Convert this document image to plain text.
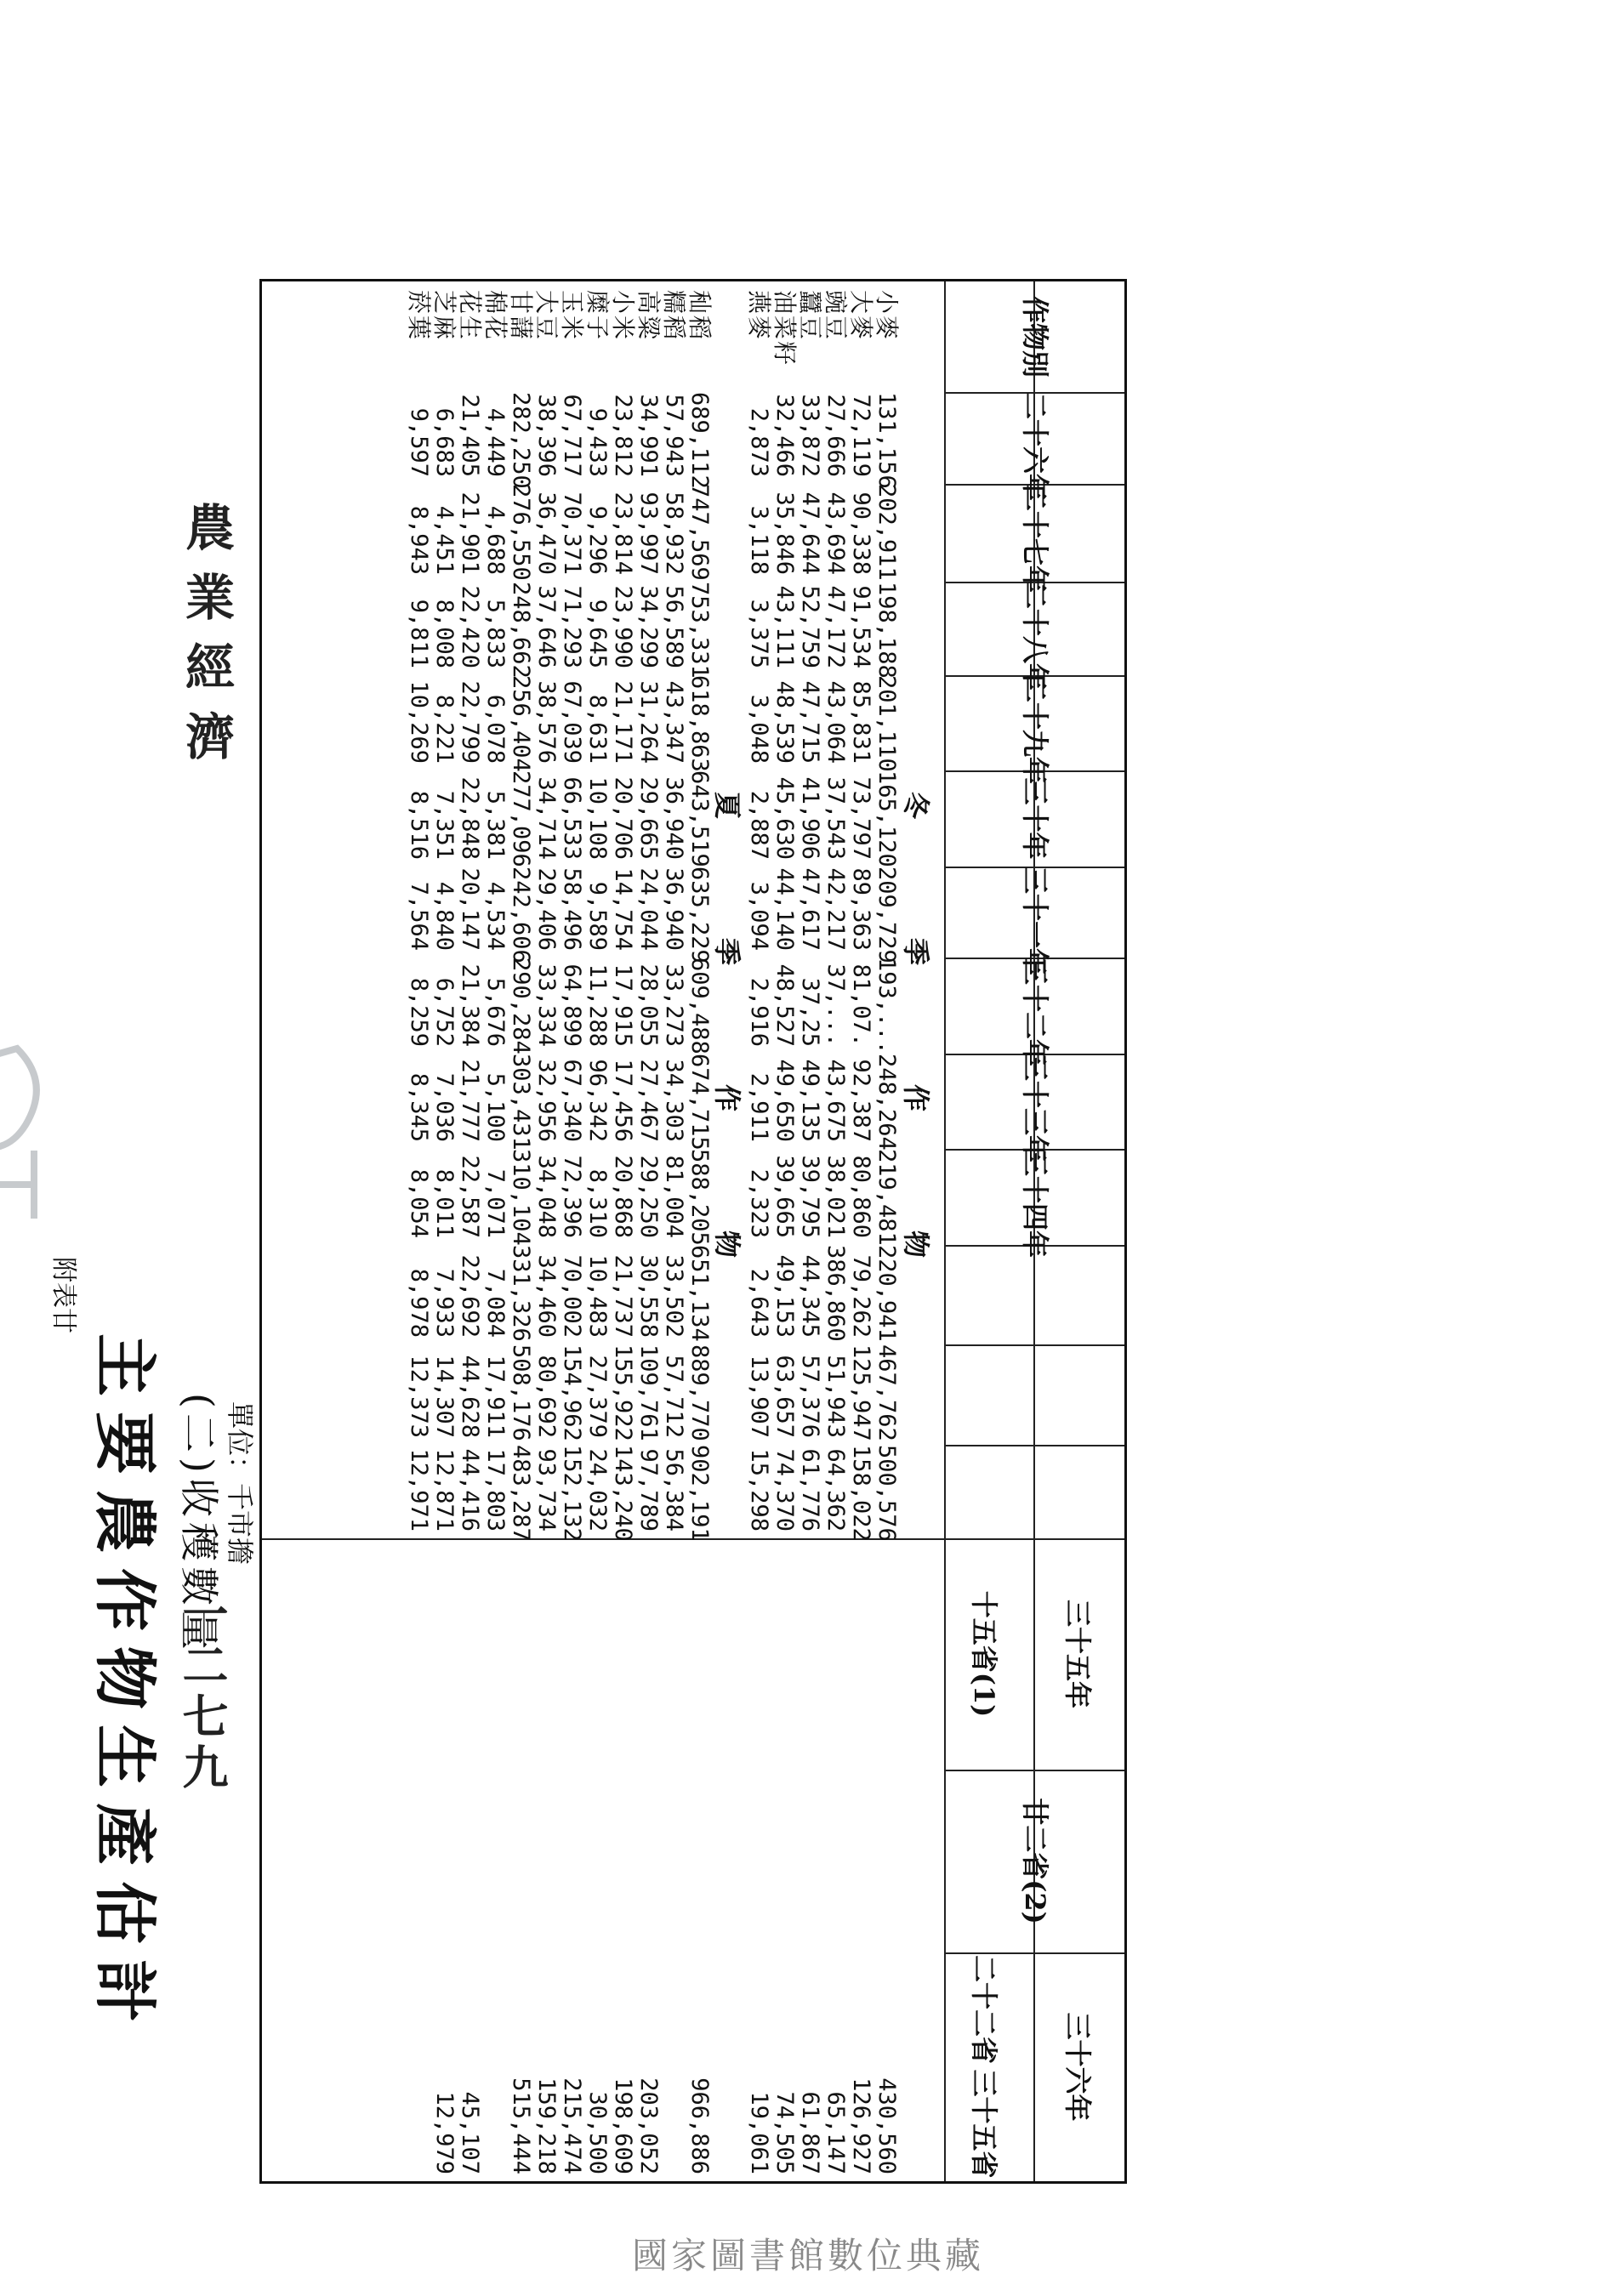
農業經濟
一二七九
附表廿
主要農作物生產估計 (二)收穫數量 單位：千市擔
作物別
二十六年
二十七年
二十八年
二十九年
三十年
三十一年
三十二年
三十三年
三十四年
三十五年
十五省(1)
廿二省(2)
三十六年
二十二省
三十五省
冬季作物
夏季作物
小麥
131,156
202,911
198,188
201,110
165,120
209,729
193,...
248,264
219,481
220,941
467,762
500,576
430,560
大麥
72,119
90,338
91,534
85,831
73,797
89,363
81,07.
92,387
80,860
79,262
125,947
158,022
126,927
豌豆
27,666
43,694
47,172
43,064
37,543
42,217
37,...
43,675
38,021
386,860
51,943
64,362
65,147
蠶豆
33,872
47,644
52,759
47,715
41,906
47,617
37,25
49,135
39,795
44,345
57,376
61,776
61,867
油菜籽
32,466
35,846
43,111
48,539
45,630
44,140
48,527
49,650
39,665
49,153
63,657
74,370
74,505
燕麥
2,873
3,118
3,375
3,048
2,887
3,094
2,916
2,911
2,323
2,643
13,907
15,298
19,061
秈稻
689,112
747,569
753,331
618,863
643,519
635,229
609,488
674,715
588,205
651,134
889,770
902,191
966,886
糯稻
57,943
58,932
56,589
43,347
36,940
36,940
33,273
34,303
81,004
33,502
57,712
56,384
高粱
34,991
93,997
34,299
31,264
29,665
24,044
28,055
27,467
29,250
30,558
109,761
97,789
203,052
小米
23,812
23,814
23,990
21,171
20,706
14,754
17,915
17,456
20,868
21,737
155,922
143,240
198,609
糜子
9,433
9,296
9,645
8,631
10,108
9,589
11,288
96,342
8,310
10,483
27,379
24,032
30,500
玉米
67,717
70,371
71,293
67,039
66,533
58,496
64,899
67,340
72,396
70,002
154,962
152,132
215,474
大豆
38,396
36,470
37,646
38,576
34,714
29,406
33,334
32,956
34,048
34,460
80,692
93,734
159,218
甘藷
282,250
276,550
248,662
256,404
277,096
242,606
290,284
303,431
310,104
331,326
508,176
483,287
515,444
棉花
4,449
4,688
5,833
6,078
5,381
4,534
5,676
5,100
7,071
7,084
17,911
17,803
花生
21,405
21,901
22,420
22,799
22,848
20,147
21,384
21,777
22,587
22,692
44,628
44,416
45,107
芝麻
6,683
4,451
8,008
8,221
7,351
4,840
6,752
7,036
8,011
7,933
14,307
12,871
12,979
菸葉
9,597
8,943
9,811
10,269
8,516
7,564
8,259
8,345
8,054
8,978
12,373
12,971
國家圖書館數位典藏
